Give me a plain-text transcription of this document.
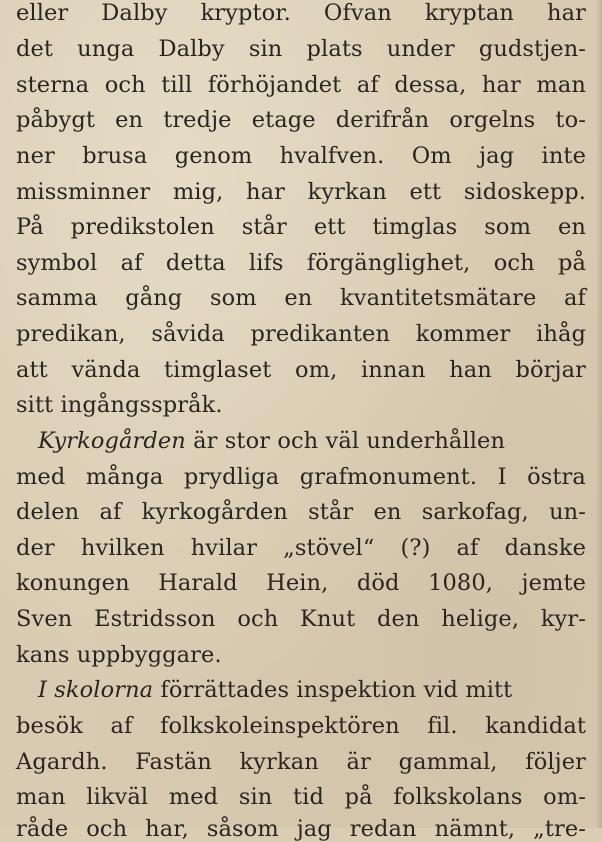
eller Dalby kryptor. Ofvan kryptan har
det unga Dalby sin plats under gudstjen-
sterna och till förhöjandet af dessa, har man
påbygt en tredje etage derifrån orgelns to-
ner brusa genom hvalfven. Om jag inte
missminner mig, har kyrkan ett sidoskepp.
På predikstolen står ett timglas som en
symbol af detta lifs förgänglighet, och på
samma gång som en kvantitetsmätare af
predikan, såvida predikanten kommer ihåg
att vända timglaset om, innan han börjar
sitt ingångsspråk.
Kyrkogården är stor och väl underhållen
med många prydliga grafmonument. I östra
delen af kyrkogården står en sarkofag, un-
der hvilken hvilar „stövel“ (?) af danske
konungen Harald Hein, död 1080, jemte
Sven Estridsson och Knut den helige, kyr-
kans uppbyggare.
I skolorna förrättades inspektion vid mitt
besök af folkskoleinspektören fil. kandidat
Agardh. Fastän kyrkan är gammal, följer
man likväl med sin tid på folkskolans om-
råde och har, såsom jag redan nämnt, „tre-
